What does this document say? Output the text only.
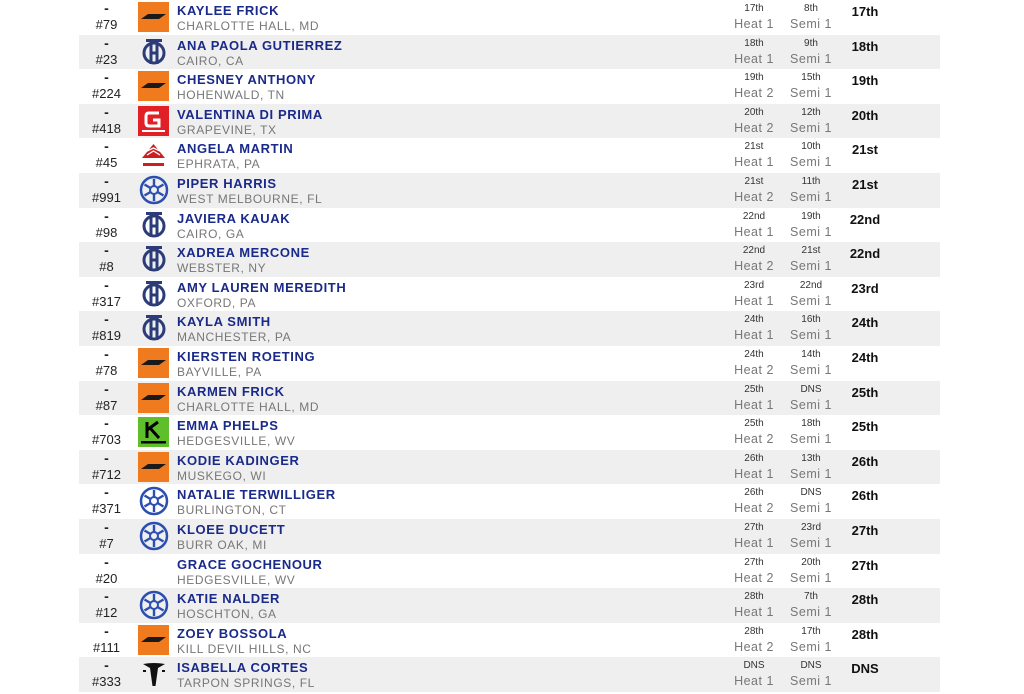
-
#79
KAYLEE FRICK
CHARLOTTE HALL, MD
17th
Heat 1
8th
Semi 1
17th
-
#23
ANA PAOLA GUTIERREZ
CAIRO, CA
18th
Heat 1
9th
Semi 1
18th
-
#224
CHESNEY ANTHONY
HOHENWALD, TN
19th
Heat 2
15th
Semi 1
19th
-
#418
VALENTINA DI PRIMA
GRAPEVINE, TX
20th
Heat 2
12th
Semi 1
20th
-
#45
ANGELA MARTIN
EPHRATA, PA
21st
Heat 1
10th
Semi 1
21st
-
#991
PIPER HARRIS
WEST MELBOURNE, FL
21st
Heat 2
11th
Semi 1
21st
-
#98
JAVIERA KAUAK
CAIRO, GA
22nd
Heat 1
19th
Semi 1
22nd
-
#8
XADREA MERCONE
WEBSTER, NY
22nd
Heat 2
21st
Semi 1
22nd
-
#317
AMY LAUREN MEREDITH
OXFORD, PA
23rd
Heat 1
22nd
Semi 1
23rd
-
#819
KAYLA SMITH
MANCHESTER, PA
24th
Heat 1
16th
Semi 1
24th
-
#78
KIERSTEN ROETING
BAYVILLE, PA
24th
Heat 2
14th
Semi 1
24th
-
#87
KARMEN FRICK
CHARLOTTE HALL, MD
25th
Heat 1
DNS
Semi 1
25th
-
#703
EMMA PHELPS
HEDGESVILLE, WV
25th
Heat 2
18th
Semi 1
25th
-
#712
KODIE KADINGER
MUSKEGO, WI
26th
Heat 1
13th
Semi 1
26th
-
#371
NATALIE TERWILLIGER
BURLINGTON, CT
26th
Heat 2
DNS
Semi 1
26th
-
#7
KLOEE DUCETT
BURR OAK, MI
27th
Heat 1
23rd
Semi 1
27th
-
#20
GRACE GOCHENOUR
HEDGESVILLE, WV
27th
Heat 2
20th
Semi 1
27th
-
#12
KATIE NALDER
HOSCHTON, GA
28th
Heat 1
7th
Semi 1
28th
-
#111
ZOEY BOSSOLA
KILL DEVIL HILLS, NC
28th
Heat 2
17th
Semi 1
28th
-
#333
ISABELLA CORTES
TARPON SPRINGS, FL
DNS
Heat 1
DNS
Semi 1
DNS
